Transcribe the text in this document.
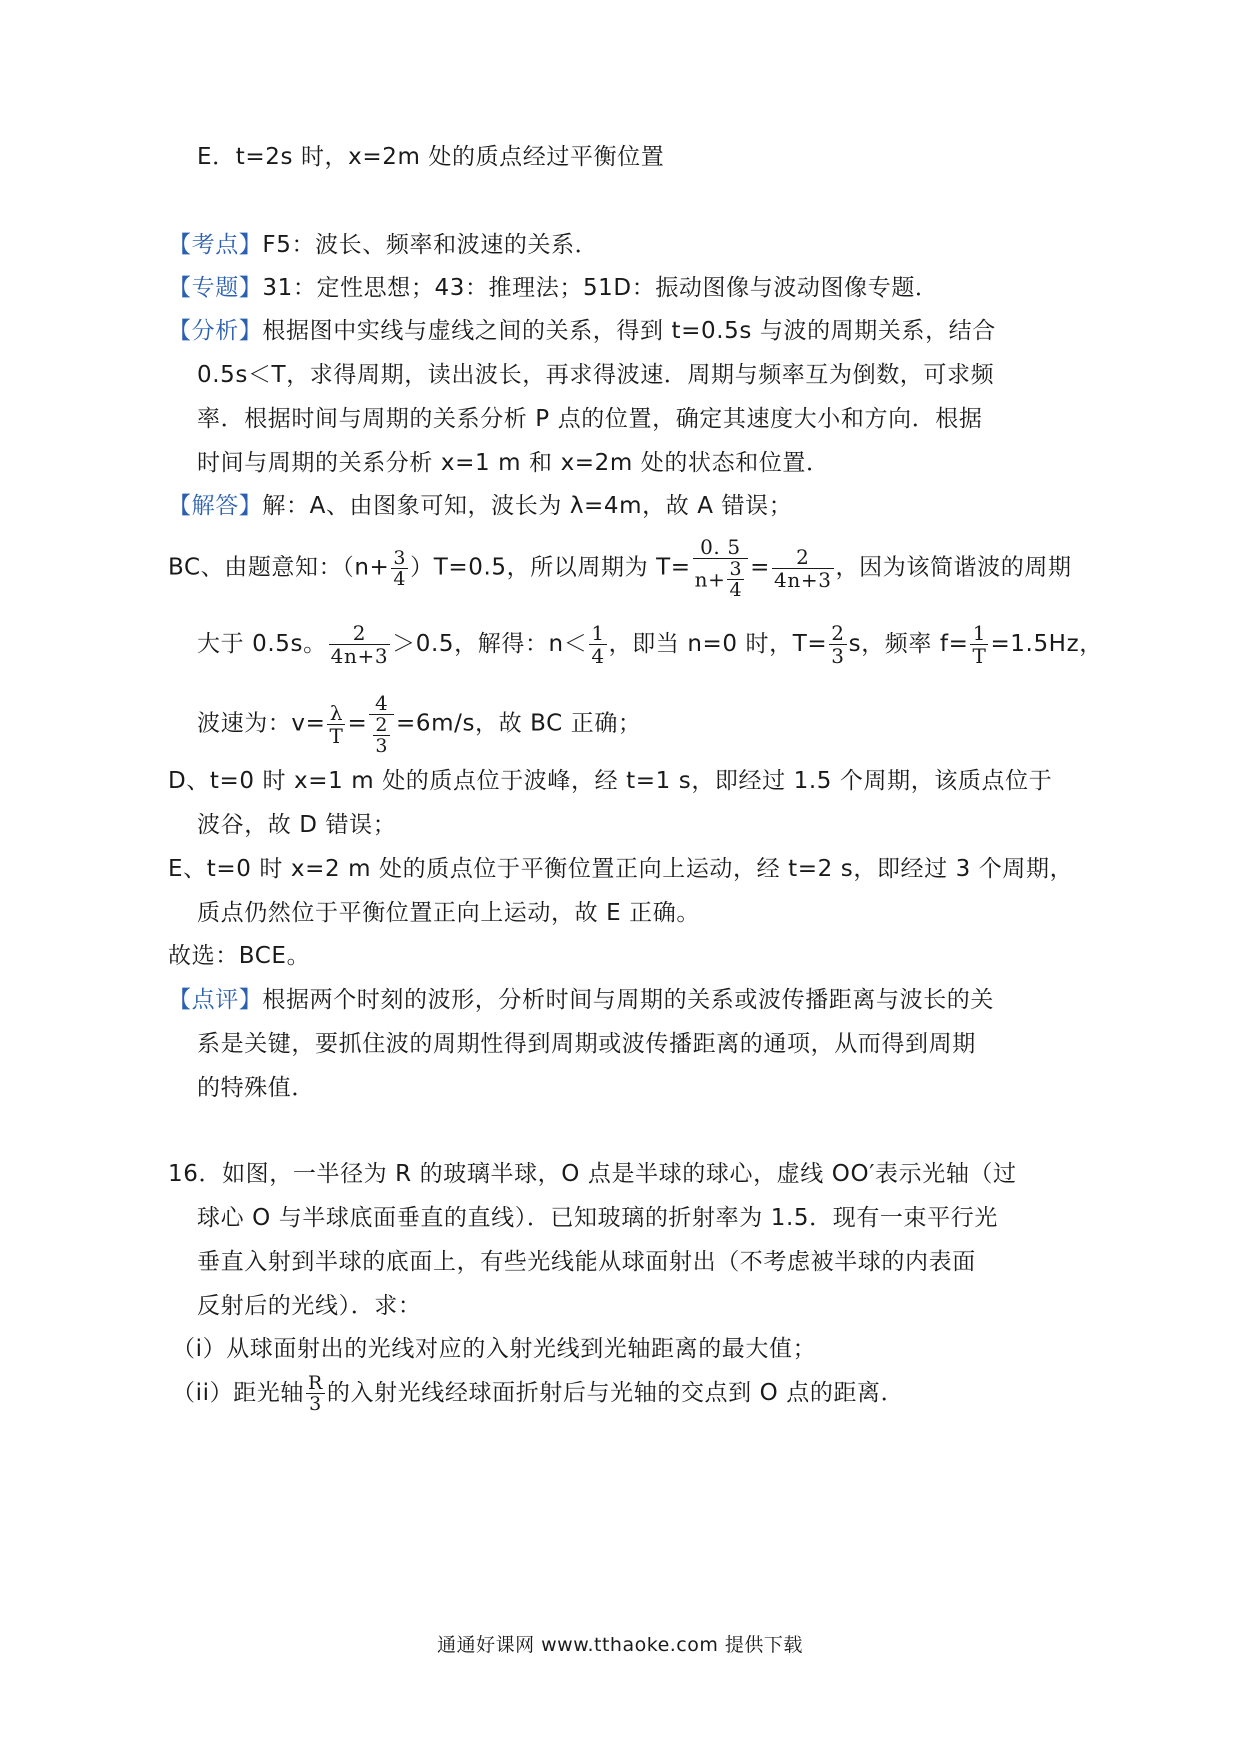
E．t=2s 时，x=2m 处的质点经过平衡位置
【考点】F5：波长、频率和波速的关系．
【专题】31：定性思想；43：推理法；51D：振动图像与波动图像专题．
【分析】根据图中实线与虚线之间的关系，得到 t=0.5s 与波的周期关系，结合
0.5s＜T，求得周期，读出波长，再求得波速．周期与频率互为倒数，可求频
率．根据时间与周期的关系分析 P 点的位置，确定其速度大小和方向．根据
时间与周期的关系分析 x=1 m 和 x=2m 处的状态和位置．
【解答】解：A、由图象可知，波长为 λ=4m，故 A 错误；
BC、由题意知：$(n+ \frac{3}{4} )T=0.5$，所以周期为 $T= \frac{0. 5}{n+ \frac{3}{4}} = \frac{2}{4n+3}$ ，因为该简谐波的周期
大于 0.5s。 $\frac{2}{4n+3} >0.5$，解得：$n< \frac{1}{4}$ ，即当 n=0 时，$T= \frac{2}{3}$ s，频率 $f= \frac{1}{T} =1.5Hz$，
波速为：$v= \frac{\lambda}{T} = \frac{4}{\frac{2}{3}} =6m/s$，故 BC 正确；
D、t=0 时 x=1 m 处的质点位于波峰，经 t=1 s，即经过 1.5 个周期，该质点位于
波谷，故 D 错误；
E、t=0 时 x=2 m 处的质点位于平衡位置正向上运动，经 t=2 s，即经过 3 个周期，
质点仍然位于平衡位置正向上运动，故 E 正确。
故选：BCE。
【点评】根据两个时刻的波形，分析时间与周期的关系或波传播距离与波长的关
系是关键，要抓住波的周期性得到周期或波传播距离的通项，从而得到周期
的特殊值．
16．如图，一半径为 R 的玻璃半球，O 点是半球的球心，虚线 OO′表示光轴（过
球心 O 与半球底面垂直的直线）．已知玻璃的折射率为 1.5．现有一束平行光
垂直入射到半球的底面上，有些光线能从球面射出（不考虑被半球的内表面
反射后的光线）．求：
（i）从球面射出的光线对应的入射光线到光轴距离的最大值；
（ii）距光轴 $\frac{R}{3}$ 的入射光线经球面折射后与光轴的交点到 O 点的距离．
通通好课网 www.tthaoke.com 提供下载
